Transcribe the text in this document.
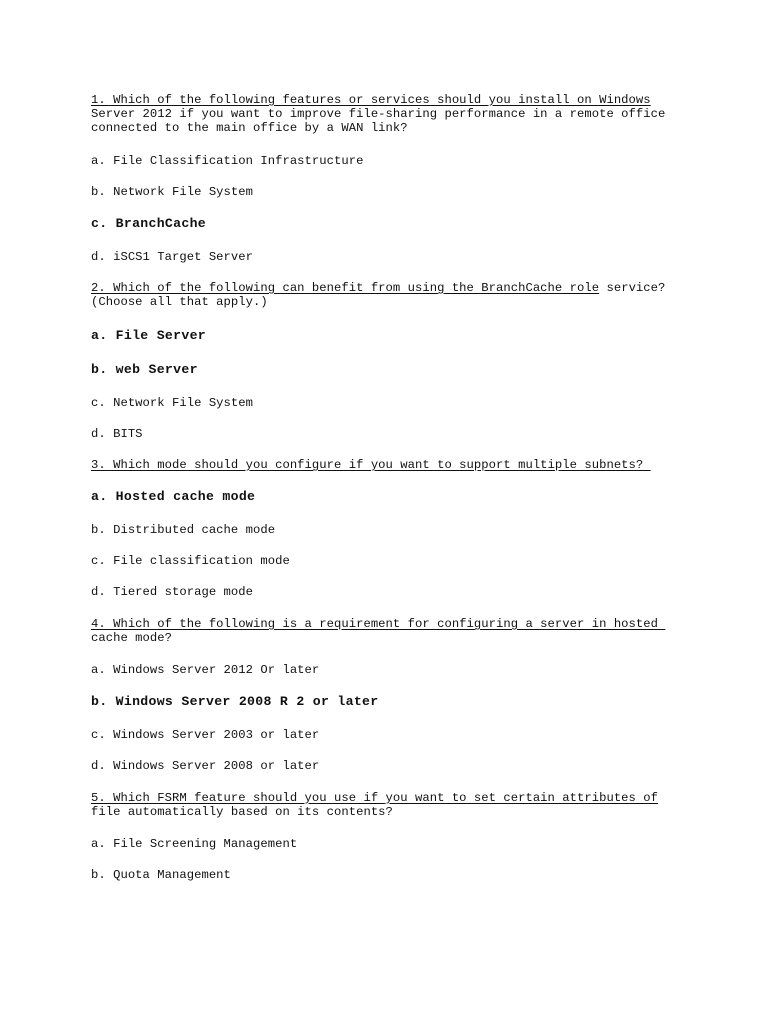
1. Which of the following features or services should you install on Windows
Server 2012 if you want to improve file-sharing performance in a remote office
connected to the main office by a WAN link?
a. File Classification Infrastructure
b. Network File System
c. BranchCache
d. iSCS1 Target Server
2. Which of the following can benefit from using the BranchCache role service?
(Choose all that apply.)
a. File Server
b. web Server
c. Network File System
d. BITS
3. Which mode should you configure if you want to support multiple subnets?
a. Hosted cache mode
b. Distributed cache mode
c. File classification mode
d. Tiered storage mode
4. Which of the following is a requirement for configuring a server in hosted
cache mode?
a. Windows Server 2012 Or later
b. Windows Server 2008 R 2 or later
c. Windows Server 2003 or later
d. Windows Server 2008 or later
5. Which FSRM feature should you use if you want to set certain attributes of
file automatically based on its contents?
a. File Screening Management
b. Quota Management
